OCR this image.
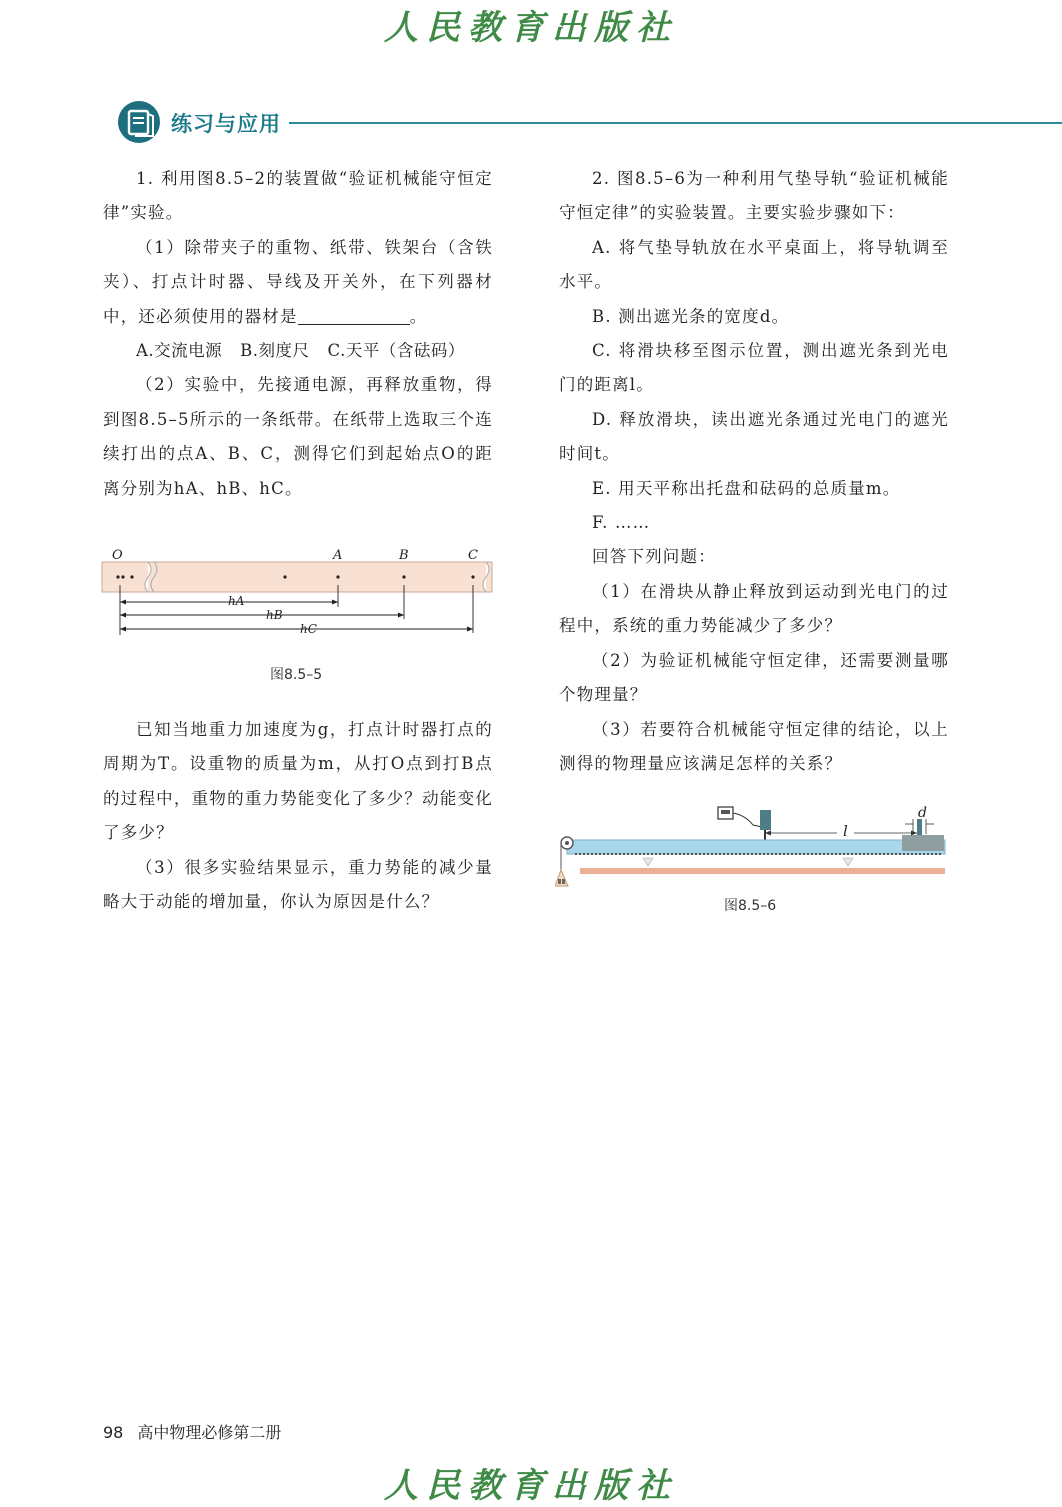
人民教育出版社
练习与应用

1. 利用图8.5–2的装置做“验证机械能守恒定律”实验。

（1）除带夹子的重物、纸带、铁架台（含铁夹）、打点计时器、导线及开关外，在下列器材中，还必须使用的器材是	。

A.交流电源 B.刻度尺 C.天平（含砝码）

（2）实验中，先接通电源，再释放重物，得到图8.5–5所示的一条纸带。在纸带上选取三个连续打出的点A、B、C，测得它们到起始点O的距离分别为hA、hB、hC。

O	A	B	C
hA
hB
hC
图8.5–5

已知当地重力加速度为g，打点计时器打点的周期为T。设重物的质量为m，从打O点到打B点的过程中，重物的重力势能变化了多少？动能变化了多少？

（3）很多实验结果显示，重力势能的减少量略大于动能的增加量，你认为原因是什么？

2. 图8.5–6为一种利用气垫导轨“验证机械能守恒定律”的实验装置。主要实验步骤如下：

A. 将气垫导轨放在水平桌面上，将导轨调至水平。

B. 测出遮光条的宽度d。

C. 将滑块移至图示位置，测出遮光条到光电门的距离l。

D. 释放滑块，读出遮光条通过光电门的遮光时间t。

E. 用天平称出托盘和砝码的总质量m。

F. ……

回答下列问题：

（1）在滑块从静止释放到运动到光电门的过程中，系统的重力势能减少了多少？

（2）为验证机械能守恒定律，还需要测量哪个物理量？

（3）若要符合机械能守恒定律的结论，以上测得的物理量应该满足怎样的关系？

d
l
图8.5–6
98 高中物理必修第二册
人民教育出版社
